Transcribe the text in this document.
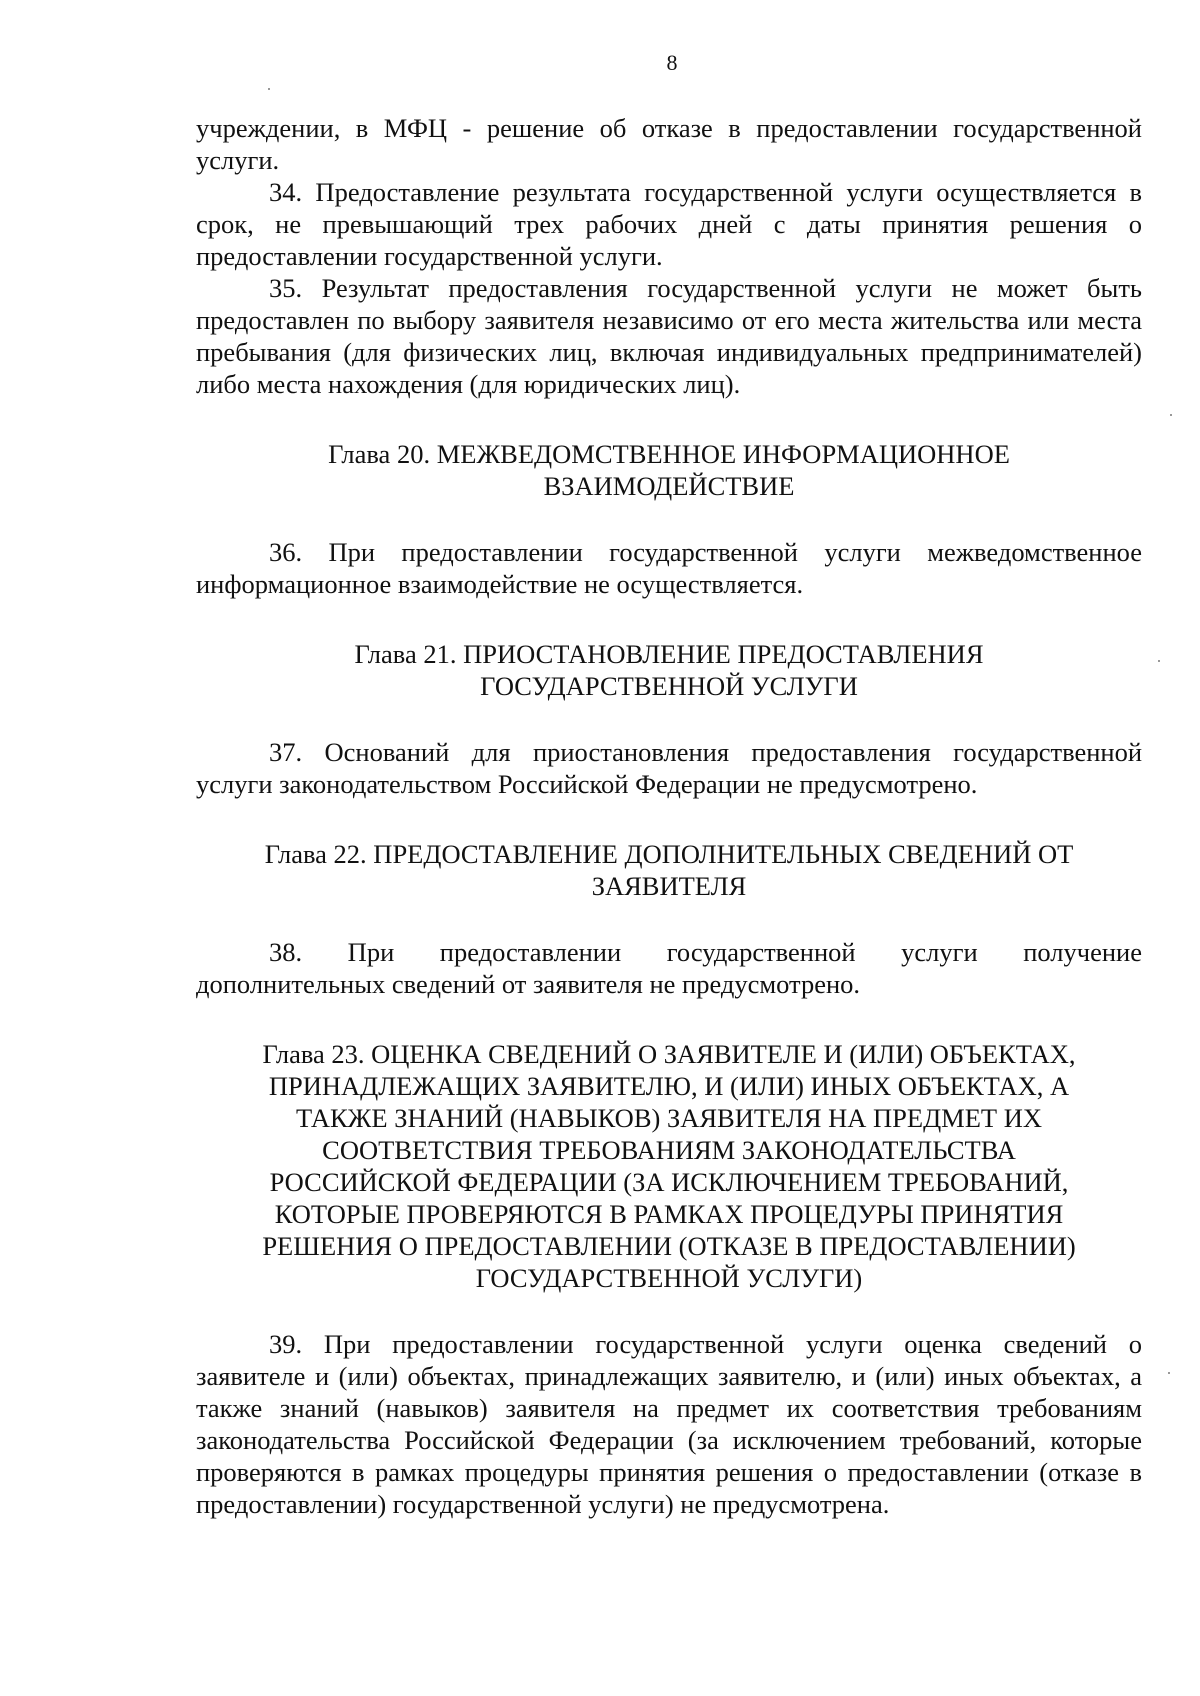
8

учреждении, в МФЦ - решение об отказе в предоставлении государственной услуги.

34. Предоставление результата государственной услуги осуществляется в срок, не превышающий трех рабочих дней с даты принятия решения о предоставлении государственной услуги.

35. Результат предоставления государственной услуги не может быть предоставлен по выбору заявителя независимо от его места жительства или места пребывания (для физических лиц, включая индивидуальных предпринимателей) либо места нахождения (для юридических лиц).

Глава 20. МЕЖВЕДОМСТВЕННОЕ ИНФОРМАЦИОННОЕ
ВЗАИМОДЕЙСТВИЕ

36. При предоставлении государственной услуги межведомственное информационное взаимодействие не осуществляется.

Глава 21. ПРИОСТАНОВЛЕНИЕ ПРЕДОСТАВЛЕНИЯ
ГОСУДАРСТВЕННОЙ УСЛУГИ

37. Оснований для приостановления предоставления государственной услуги законодательством Российской Федерации не предусмотрено.

Глава 22. ПРЕДОСТАВЛЕНИЕ ДОПОЛНИТЕЛЬНЫХ СВЕДЕНИЙ ОТ
ЗАЯВИТЕЛЯ

38. При предоставлении государственной услуги получение дополнительных сведений от заявителя не предусмотрено.

Глава 23. ОЦЕНКА СВЕДЕНИЙ О ЗАЯВИТЕЛЕ И (ИЛИ) ОБЪЕКТАХ,
ПРИНАДЛЕЖАЩИХ ЗАЯВИТЕЛЮ, И (ИЛИ) ИНЫХ ОБЪЕКТАХ, А
ТАКЖЕ ЗНАНИЙ (НАВЫКОВ) ЗАЯВИТЕЛЯ НА ПРЕДМЕТ ИХ
СООТВЕТСТВИЯ ТРЕБОВАНИЯМ ЗАКОНОДАТЕЛЬСТВА
РОССИЙСКОЙ ФЕДЕРАЦИИ (ЗА ИСКЛЮЧЕНИЕМ ТРЕБОВАНИЙ,
КОТОРЫЕ ПРОВЕРЯЮТСЯ В РАМКАХ ПРОЦЕДУРЫ ПРИНЯТИЯ
РЕШЕНИЯ О ПРЕДОСТАВЛЕНИИ (ОТКАЗЕ В ПРЕДОСТАВЛЕНИИ)
ГОСУДАРСТВЕННОЙ УСЛУГИ)

39. При предоставлении государственной услуги оценка сведений о заявителе и (или) объектах, принадлежащих заявителю, и (или) иных объектах, а также знаний (навыков) заявителя на предмет их соответствия требованиям законодательства Российской Федерации (за исключением требований, которые проверяются в рамках процедуры принятия решения о предоставлении (отказе в предоставлении) государственной услуги) не предусмотрена.
